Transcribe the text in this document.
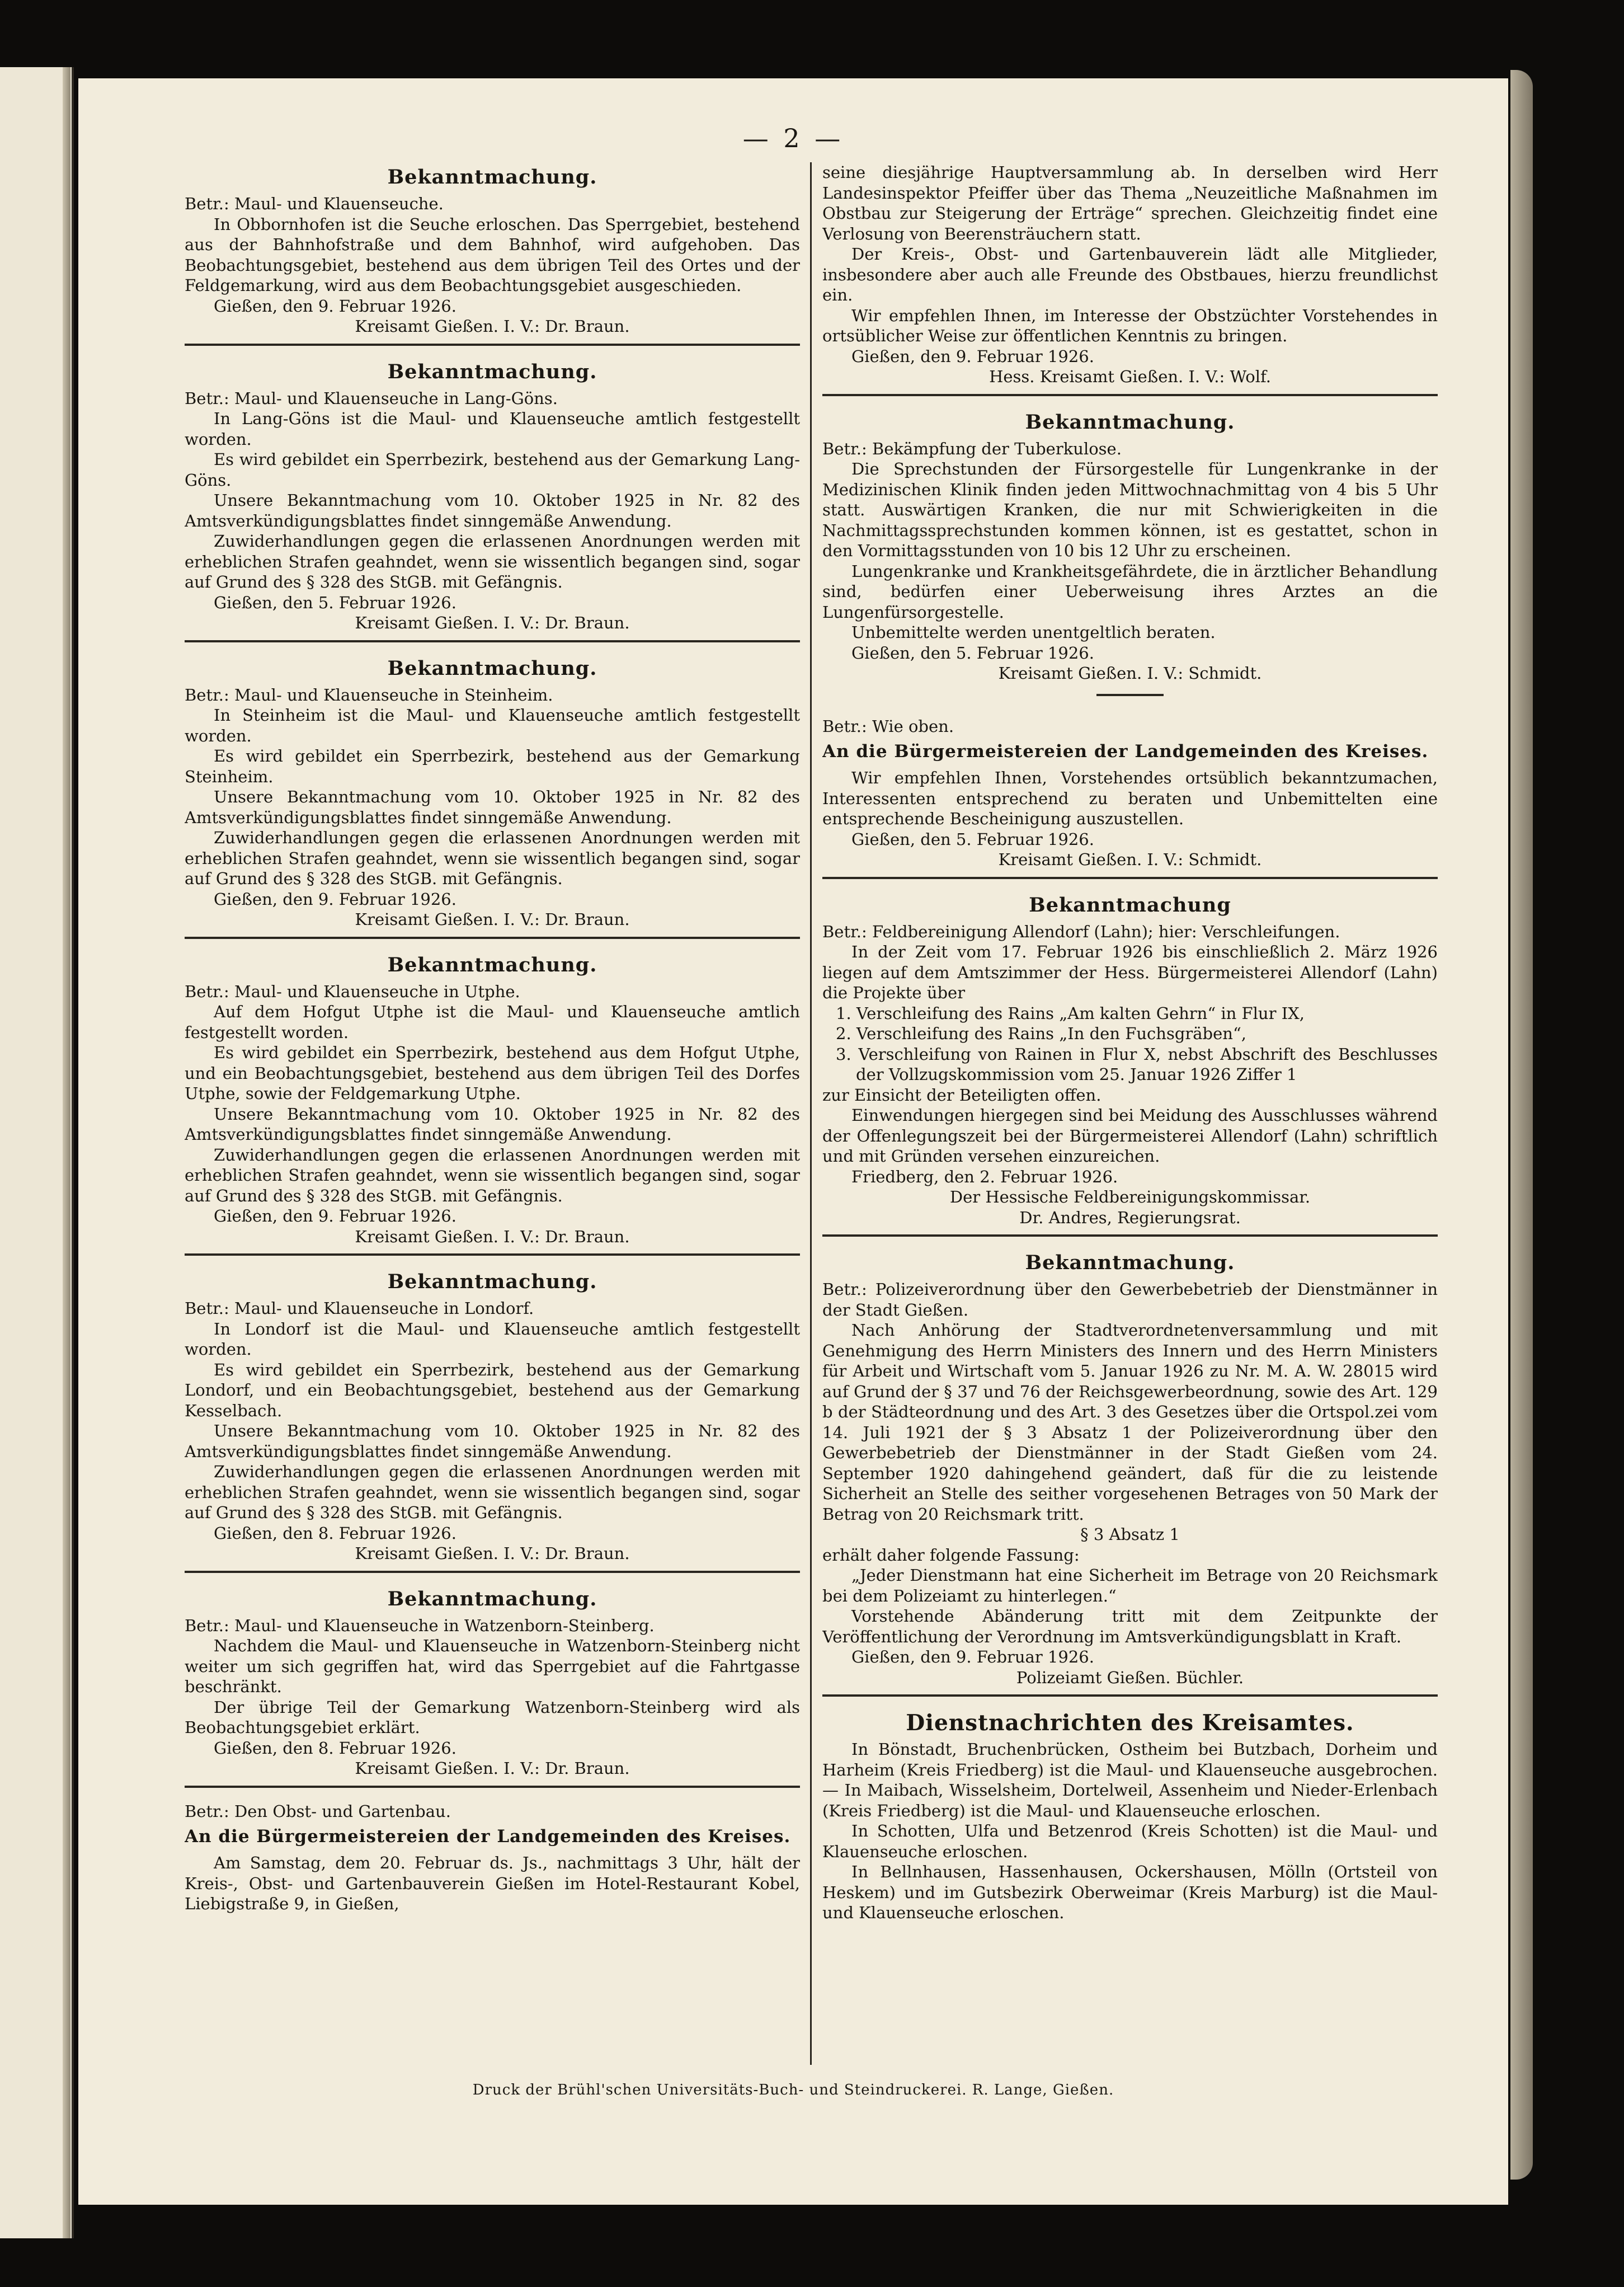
— 2 —
Bekanntmachung.
Betr.: Maul- und Klauenseuche.
In Obbornhofen ist die Seuche erloschen. Das Sperrgebiet, bestehend aus der Bahnhofstraße und dem Bahnhof, wird aufgehoben. Das Beobachtungsgebiet, bestehend aus dem übrigen Teil des Ortes und der Feldgemarkung, wird aus dem Beobachtungsgebiet ausgeschieden.
Gießen, den 9. Februar 1926.
Kreisamt Gießen. I. V.: Dr. Braun.
Bekanntmachung.
Betr.: Maul- und Klauenseuche in Lang-Göns.
In Lang-Göns ist die Maul- und Klauenseuche amtlich festgestellt worden.
Es wird gebildet ein Sperrbezirk, bestehend aus der Gemarkung Lang-Göns.
Unsere Bekanntmachung vom 10. Oktober 1925 in Nr. 82 des Amtsverkündigungsblattes findet sinngemäße Anwendung.
Zuwiderhandlungen gegen die erlassenen Anordnungen werden mit erheblichen Strafen geahndet, wenn sie wissentlich begangen sind, sogar auf Grund des § 328 des StGB. mit Gefängnis.
Gießen, den 5. Februar 1926.
Kreisamt Gießen. I. V.: Dr. Braun.
Bekanntmachung.
Betr.: Maul- und Klauenseuche in Steinheim.
In Steinheim ist die Maul- und Klauenseuche amtlich festgestellt worden.
Es wird gebildet ein Sperrbezirk, bestehend aus der Gemarkung Steinheim.
Unsere Bekanntmachung vom 10. Oktober 1925 in Nr. 82 des Amtsverkündigungsblattes findet sinngemäße Anwendung.
Zuwiderhandlungen gegen die erlassenen Anordnungen werden mit erheblichen Strafen geahndet, wenn sie wissentlich begangen sind, sogar auf Grund des § 328 des StGB. mit Gefängnis.
Gießen, den 9. Februar 1926.
Kreisamt Gießen. I. V.: Dr. Braun.
Bekanntmachung.
Betr.: Maul- und Klauenseuche in Utphe.
Auf dem Hofgut Utphe ist die Maul- und Klauenseuche amtlich festgestellt worden.
Es wird gebildet ein Sperrbezirk, bestehend aus dem Hofgut Utphe, und ein Beobachtungsgebiet, bestehend aus dem übrigen Teil des Dorfes Utphe, sowie der Feldgemarkung Utphe.
Unsere Bekanntmachung vom 10. Oktober 1925 in Nr. 82 des Amtsverkündigungsblattes findet sinngemäße Anwendung.
Zuwiderhandlungen gegen die erlassenen Anordnungen werden mit erheblichen Strafen geahndet, wenn sie wissentlich begangen sind, sogar auf Grund des § 328 des StGB. mit Gefängnis.
Gießen, den 9. Februar 1926.
Kreisamt Gießen. I. V.: Dr. Braun.
Bekanntmachung.
Betr.: Maul- und Klauenseuche in Londorf.
In Londorf ist die Maul- und Klauenseuche amtlich festgestellt worden.
Es wird gebildet ein Sperrbezirk, bestehend aus der Gemarkung Londorf, und ein Beobachtungsgebiet, bestehend aus der Gemarkung Kesselbach.
Unsere Bekanntmachung vom 10. Oktober 1925 in Nr. 82 des Amtsverkündigungsblattes findet sinngemäße Anwendung.
Zuwiderhandlungen gegen die erlassenen Anordnungen werden mit erheblichen Strafen geahndet, wenn sie wissentlich begangen sind, sogar auf Grund des § 328 des StGB. mit Gefängnis.
Gießen, den 8. Februar 1926.
Kreisamt Gießen. I. V.: Dr. Braun.
Bekanntmachung.
Betr.: Maul- und Klauenseuche in Watzenborn-Steinberg.
Nachdem die Maul- und Klauenseuche in Watzenborn-Steinberg nicht weiter um sich gegriffen hat, wird das Sperrgebiet auf die Fahrtgasse beschränkt.
Der übrige Teil der Gemarkung Watzenborn-Steinberg wird als Beobachtungsgebiet erklärt.
Gießen, den 8. Februar 1926.
Kreisamt Gießen. I. V.: Dr. Braun.
Betr.: Den Obst- und Gartenbau.
An die Bürgermeistereien der Landgemeinden des Kreises.
Am Samstag, dem 20. Februar ds. Js., nachmittags 3 Uhr, hält der Kreis-, Obst- und Gartenbauverein Gießen im Hotel-Restaurant Kobel, Liebigstraße 9, in Gießen,
seine diesjährige Hauptversammlung ab. In derselben wird Herr Landesinspektor Pfeiffer über das Thema „Neuzeitliche Maßnahmen im Obstbau zur Steigerung der Erträge“ sprechen. Gleichzeitig findet eine Verlosung von Beerensträuchern statt.
Der Kreis-, Obst- und Gartenbauverein lädt alle Mitglieder, insbesondere aber auch alle Freunde des Obstbaues, hierzu freundlichst ein.
Wir empfehlen Ihnen, im Interesse der Obstzüchter Vorstehendes in ortsüblicher Weise zur öffentlichen Kenntnis zu bringen.
Gießen, den 9. Februar 1926.
Hess. Kreisamt Gießen. I. V.: Wolf.
Bekanntmachung.
Betr.: Bekämpfung der Tuberkulose.
Die Sprechstunden der Fürsorgestelle für Lungenkranke in der Medizinischen Klinik finden jeden Mittwochnachmittag von 4 bis 5 Uhr statt. Auswärtigen Kranken, die nur mit Schwierigkeiten in die Nachmittagssprechstunden kommen können, ist es gestattet, schon in den Vormittagsstunden von 10 bis 12 Uhr zu erscheinen.
Lungenkranke und Krankheitsgefährdete, die in ärztlicher Behandlung sind, bedürfen einer Ueberweisung ihres Arztes an die Lungenfürsorgestelle.
Unbemittelte werden unentgeltlich beraten.
Gießen, den 5. Februar 1926.
Kreisamt Gießen. I. V.: Schmidt.
Betr.: Wie oben.
An die Bürgermeistereien der Landgemeinden des Kreises.
Wir empfehlen Ihnen, Vorstehendes ortsüblich bekanntzumachen, Interessenten entsprechend zu beraten und Unbemittelten eine entsprechende Bescheinigung auszustellen.
Gießen, den 5. Februar 1926.
Kreisamt Gießen. I. V.: Schmidt.
Bekanntmachung
Betr.: Feldbereinigung Allendorf (Lahn); hier: Verschleifungen.
In der Zeit vom 17. Februar 1926 bis einschließlich 2. März 1926 liegen auf dem Amtszimmer der Hess. Bürgermeisterei Allendorf (Lahn) die Projekte über
1. Verschleifung des Rains „Am kalten Gehrn“ in Flur IX,
2. Verschleifung des Rains „In den Fuchsgräben“,
3. Verschleifung von Rainen in Flur X, nebst Abschrift des Beschlusses der Vollzugskommission vom 25. Januar 1926 Ziffer 1
zur Einsicht der Beteiligten offen.
Einwendungen hiergegen sind bei Meidung des Ausschlusses während der Offenlegungszeit bei der Bürgermeisterei Allendorf (Lahn) schriftlich und mit Gründen versehen einzureichen.
Friedberg, den 2. Februar 1926.
Der Hessische Feldbereinigungskommissar.
Dr. Andres, Regierungsrat.
Bekanntmachung.
Betr.: Polizeiverordnung über den Gewerbebetrieb der Dienstmänner in der Stadt Gießen.
Nach Anhörung der Stadtverordnetenversammlung und mit Genehmigung des Herrn Ministers des Innern und des Herrn Ministers für Arbeit und Wirtschaft vom 5. Januar 1926 zu Nr. M. A. W. 28015 wird auf Grund der § 37 und 76 der Reichsgewerbeordnung, sowie des Art. 129 b der Städteordnung und des Art. 3 des Gesetzes über die Ortspol.zei vom 14. Juli 1921 der § 3 Absatz 1 der Polizeiverordnung über den Gewerbebetrieb der Dienstmänner in der Stadt Gießen vom 24. September 1920 dahingehend geändert, daß für die zu leistende Sicherheit an Stelle des seither vorgesehenen Betrages von 50 Mark der Betrag von 20 Reichsmark tritt.
§ 3 Absatz 1
erhält daher folgende Fassung:
„Jeder Dienstmann hat eine Sicherheit im Betrage von 20 Reichsmark bei dem Polizeiamt zu hinterlegen.“
Vorstehende Abänderung tritt mit dem Zeitpunkte der Veröffentlichung der Verordnung im Amtsverkündigungsblatt in Kraft.
Gießen, den 9. Februar 1926.
Polizeiamt Gießen. Büchler.
Dienstnachrichten des Kreisamtes.
In Bönstadt, Bruchenbrücken, Ostheim bei Butzbach, Dorheim und Harheim (Kreis Friedberg) ist die Maul- und Klauenseuche ausgebrochen. — In Maibach, Wisselsheim, Dortelweil, Assenheim und Nieder-Erlenbach (Kreis Friedberg) ist die Maul- und Klauenseuche erloschen.
In Schotten, Ulfa und Betzenrod (Kreis Schotten) ist die Maul- und Klauenseuche erloschen.
In Bellnhausen, Hassenhausen, Ockershausen, Mölln (Ortsteil von Heskem) und im Gutsbezirk Oberweimar (Kreis Marburg) ist die Maul- und Klauenseuche erloschen.
Druck der Brühl'schen Universitäts-Buch- und Steindruckerei. R. Lange, Gießen.
